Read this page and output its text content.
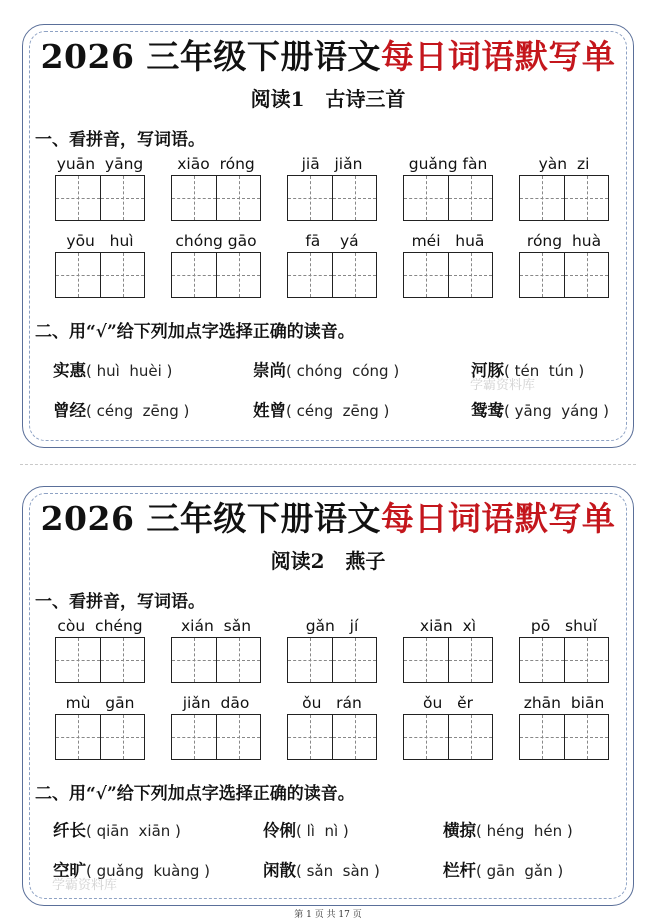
2026 三年级下册语文每日词语默写单
阅读1   古诗三首
一、看拼音，写词语。
yuān  yāng	xiāo  róng	jiā   jiǎn	guǎng fàn	yàn  zi
yōu   huì	chóng gāo	fā    yá	méi   huā	róng  huà
二、用“√”给下列加点字选择正确的读音。
实惠( huì  huèi )	崇尚( chóng  cóng )	河豚( tén  tún )
曾经( céng  zēng )	姓曾( céng  zēng )	鸳鸯( yāng  yáng )
学霸资料库
2026 三年级下册语文每日词语默写单
阅读2   燕子
一、看拼音，写词语。
còu  chéng	xián  sǎn	gǎn   jí	xiān  xì	pō   shuǐ
mù   gān	jiǎn  dāo	ǒu   rán	ǒu   ěr	zhān  biān
二、用“√”给下列加点字选择正确的读音。
纤长( qiān  xiān )	伶俐( lì  nì )	横掠( héng  hén )
空旷( guǎng  kuàng )	闲散( sǎn  sàn )	栏杆( gān  gǎn )
学霸资料库
第 1 页 共 17 页
